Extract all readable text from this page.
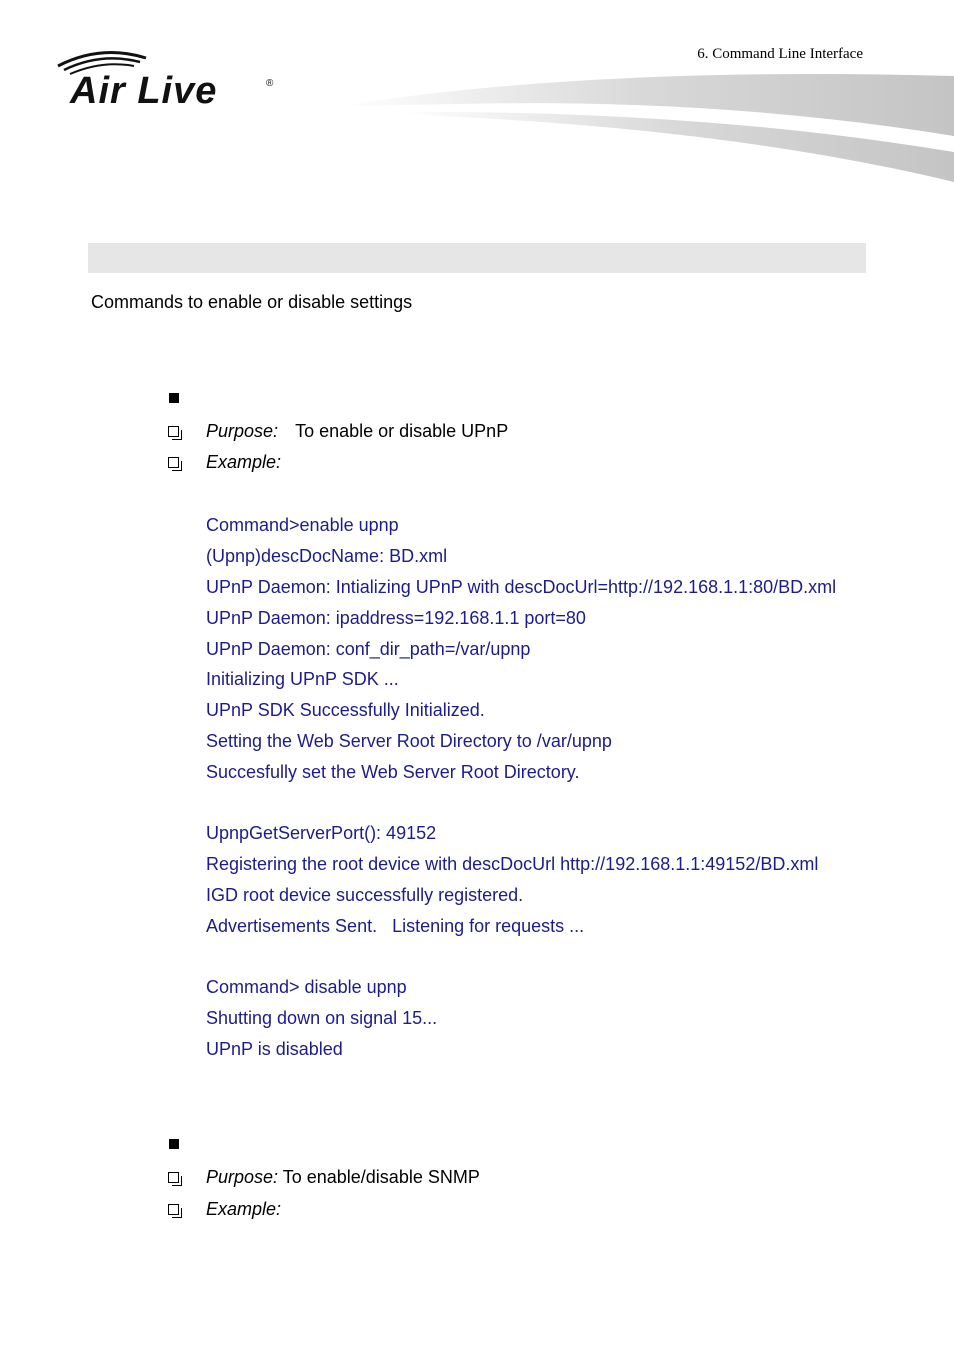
6. Command Line Interface
Air Live	®
Commands to enable or disable settings
Purpose: To enable or disable UPnP
Example:
Command>enable upnp
(Upnp)descDocName: BD.xml
UPnP Daemon: Intializing UPnP with descDocUrl=http://192.168.1.1:80/BD.xml
UPnP Daemon: ipaddress=192.168.1.1 port=80
UPnP Daemon: conf_dir_path=/var/upnp
Initializing UPnP SDK ...
UPnP SDK Successfully Initialized.
Setting the Web Server Root Directory to /var/upnp
Succesfully set the Web Server Root Directory.
UpnpGetServerPort(): 49152
Registering the root device with descDocUrl http://192.168.1.1:49152/BD.xml
IGD root device successfully registered.
Advertisements Sent.   Listening for requests ...
Command> disable upnp
Shutting down on signal 15...
UPnP is disabled
Purpose: To enable/disable SNMP
Example:
